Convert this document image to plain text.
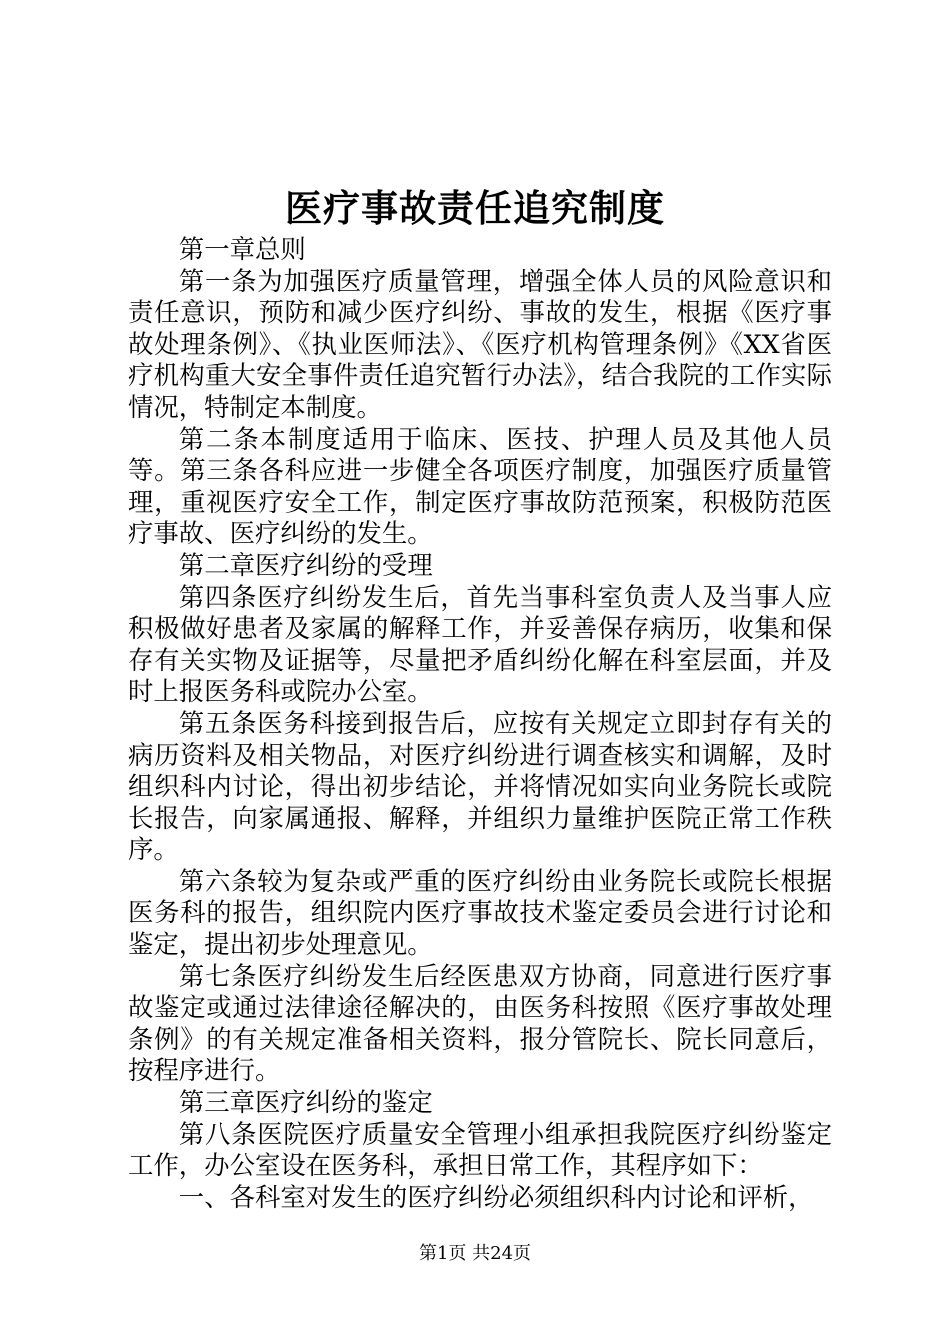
医疗事故责任追究制度

第一章总则

第一条为加强医疗质量管理，增强全体人员的风险意识和责任意识，预防和减少医疗纠纷、事故的发生，根据《医疗事故处理条例》、《执业医师法》、《医疗机构管理条例》《XX省医疗机构重大安全事件责任追究暂行办法》，结合我院的工作实际情况，特制定本制度。

第二条本制度适用于临床、医技、护理人员及其他人员等。第三条各科应进一步健全各项医疗制度，加强医疗质量管理，重视医疗安全工作，制定医疗事故防范预案，积极防范医疗事故、医疗纠纷的发生。

第二章医疗纠纷的受理

第四条医疗纠纷发生后，首先当事科室负责人及当事人应积极做好患者及家属的解释工作，并妥善保存病历，收集和保存有关实物及证据等，尽量把矛盾纠纷化解在科室层面，并及时上报医务科或院办公室。

第五条医务科接到报告后，应按有关规定立即封存有关的病历资料及相关物品，对医疗纠纷进行调查核实和调解，及时组织科内讨论，得出初步结论，并将情况如实向业务院长或院长报告，向家属通报、解释，并组织力量维护医院正常工作秩序。

第六条较为复杂或严重的医疗纠纷由业务院长或院长根据医务科的报告，组织院内医疗事故技术鉴定委员会进行讨论和鉴定，提出初步处理意见。

第七条医疗纠纷发生后经医患双方协商，同意进行医疗事故鉴定或通过法律途径解决的，由医务科按照《医疗事故处理条例》的有关规定准备相关资料，报分管院长、院长同意后，按程序进行。

第三章医疗纠纷的鉴定

第八条医院医疗质量安全管理小组承担我院医疗纠纷鉴定工作，办公室设在医务科，承担日常工作，其程序如下：

一、各科室对发生的医疗纠纷必须组织科内讨论和评析，

第1页 共24页
